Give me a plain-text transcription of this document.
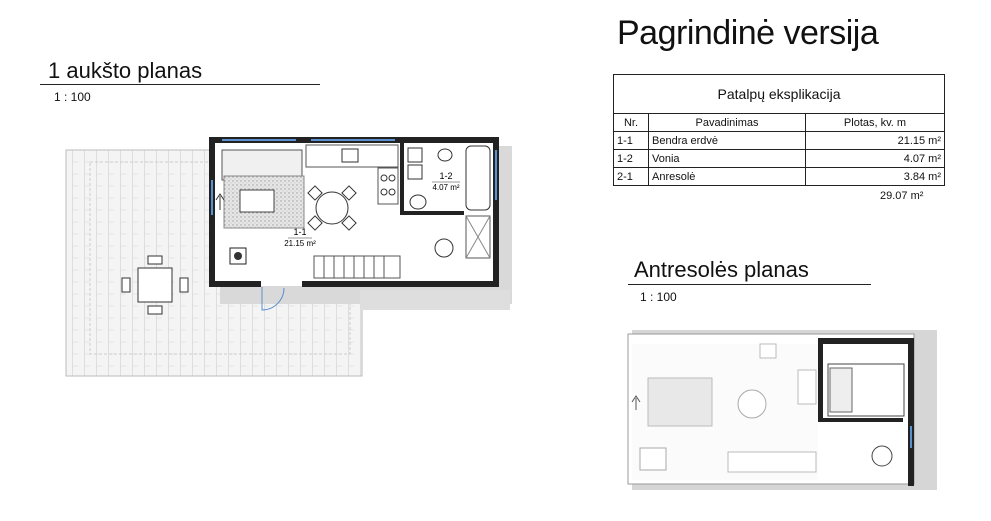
Pagrindinė versija
1 aukšto planas
1 : 100
Antresolės planas
1 : 100
Patalpų eksplikacija		
Nr.	Pavadinimas	Plotas, kv. m
1-1	Bendra erdvė	21.15 m²
1-2	Vonia	4.07 m²
2-1	Anresolė	3.84 m²
29.07 m²
1-1
21.15 m²
1-2
4.07 m²
